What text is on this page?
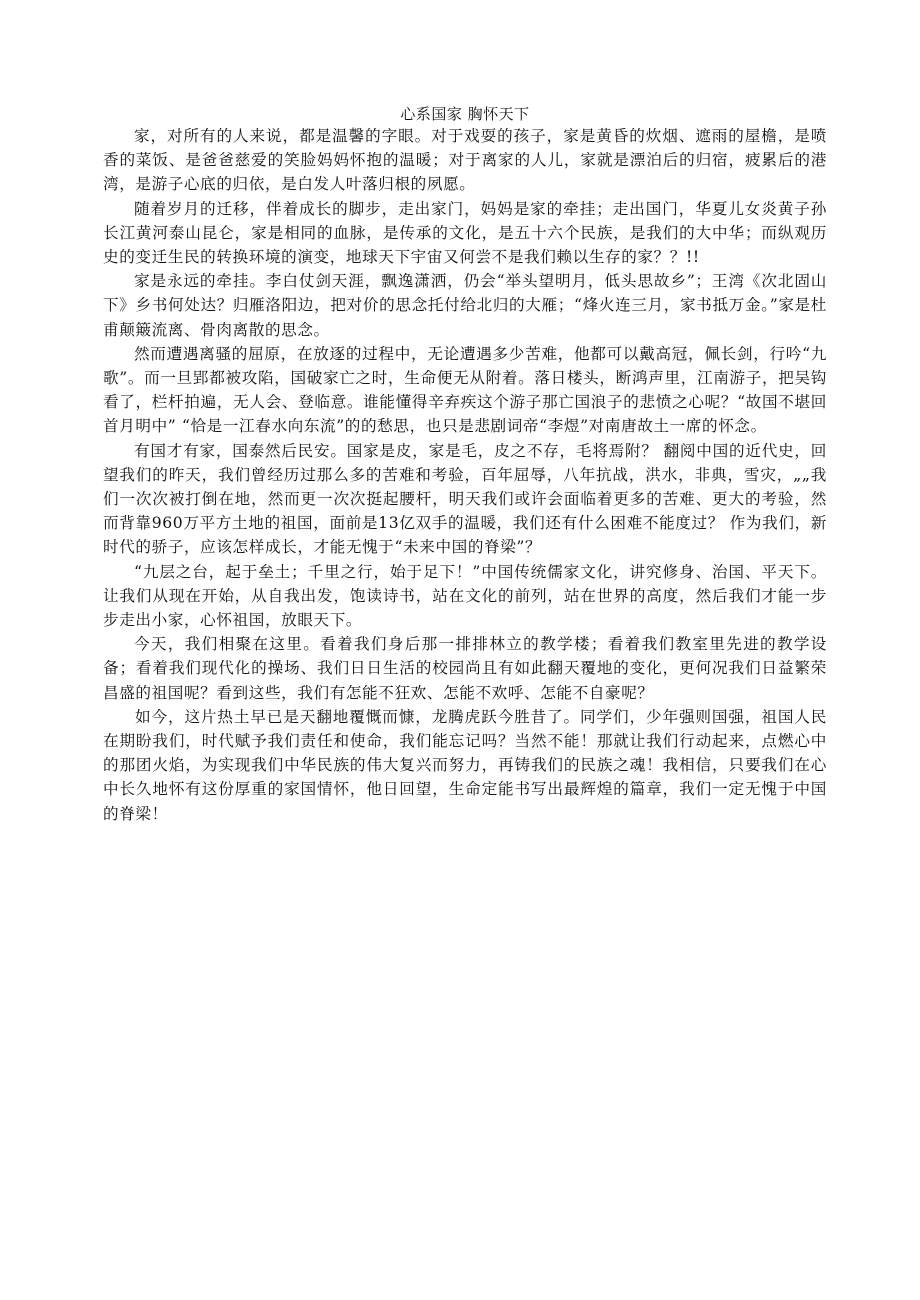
心系国家 胸怀天下

家，对所有的人来说，都是温馨的字眼。对于戏耍的孩子，家是黄昏的炊烟、遮雨的屋檐，是喷香的菜饭、是爸爸慈爱的笑脸妈妈怀抱的温暖；对于离家的人儿，家就是漂泊后的归宿，疲累后的港湾，是游子心底的归依，是白发人叶落归根的夙愿。

随着岁月的迁移，伴着成长的脚步，走出家门，妈妈是家的牵挂；走出国门，华夏儿女炎黄子孙长江黄河泰山昆仑，家是相同的血脉，是传承的文化，是五十六个民族，是我们的大中华；而纵观历史的变迁生民的转换环境的演变，地球天下宇宙又何尝不是我们赖以生存的家？？!!

家是永远的牵挂。李白仗剑天涯，飘逸潇洒，仍会“举头望明月，低头思故乡”；王湾《次北固山下》乡书何处达？归雁洛阳边，把对价的思念托付给北归的大雁；“烽火连三月，家书抵万金。”家是杜甫颠簸流离、骨肉离散的思念。

然而遭遇离骚的屈原，在放逐的过程中，无论遭遇多少苦难，他都可以戴高冠，佩长剑，行吟“九歌”。而一旦郢都被攻陷，国破家亡之时，生命便无从附着。落日楼头，断鸿声里，江南游子，把吴钩看了，栏杆拍遍，无人会、登临意。谁能懂得辛弃疾这个游子那亡国浪子的悲愤之心呢？“故国不堪回首月明中” “恰是一江春水向东流”的的愁思，也只是悲剧词帝“李煜”对南唐故土一席的怀念。

有国才有家，国泰然后民安。国家是皮，家是毛，皮之不存，毛将焉附？ 翻阅中国的近代史，回望我们的昨天，我们曾经历过那么多的苦难和考验，百年屈辱，八年抗战，洪水，非典，雪灾，„„我们一次次被打倒在地，然而更一次次挺起腰杆，明天我们或许会面临着更多的苦难、更大的考验，然而背靠960万平方土地的祖国，面前是13亿双手的温暖，我们还有什么困难不能度过？ 作为我们，新时代的骄子，应该怎样成长，才能无愧于“未来中国的脊梁”？

“九层之台，起于垒土；千里之行，始于足下！”中国传统儒家文化，讲究修身、治国、平天下。让我们从现在开始，从自我出发，饱读诗书，站在文化的前列，站在世界的高度，然后我们才能一步步走出小家，心怀祖国，放眼天下。

今天，我们相聚在这里。看着我们身后那一排排林立的教学楼；看着我们教室里先进的教学设备；看着我们现代化的操场、我们日日生活的校园尚且有如此翻天覆地的变化，更何况我们日益繁荣昌盛的祖国呢？看到这些，我们有怎能不狂欢、怎能不欢呼、怎能不自豪呢？

如今，这片热土早已是天翻地覆慨而慷，龙腾虎跃今胜昔了。同学们，少年强则国强，祖国人民在期盼我们，时代赋予我们责任和使命，我们能忘记吗？当然不能！那就让我们行动起来，点燃心中的那团火焰，为实现我们中华民族的伟大复兴而努力，再铸我们的民族之魂！我相信，只要我们在心中长久地怀有这份厚重的家国情怀，他日回望，生命定能书写出最辉煌的篇章，我们一定无愧于中国的脊梁！
